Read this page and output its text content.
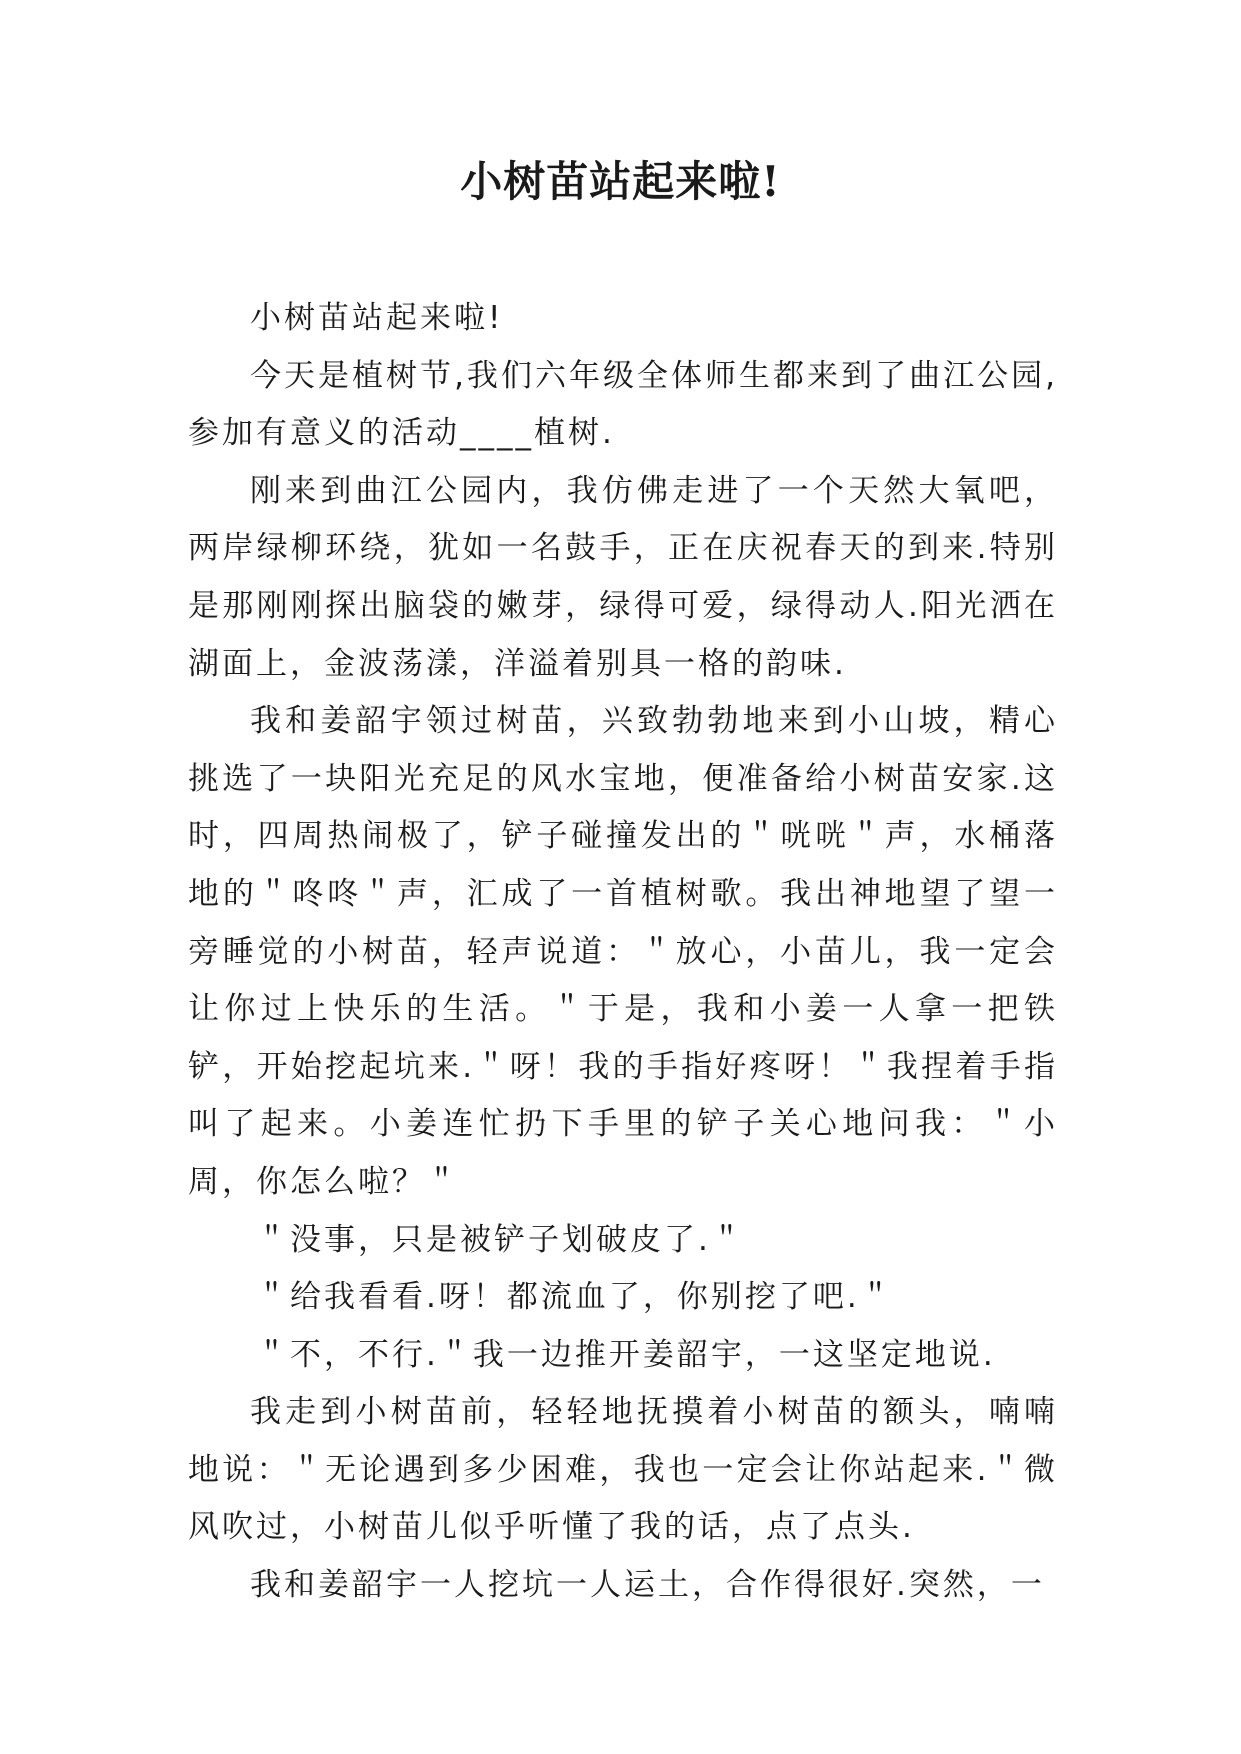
小树苗站起来啦!

小树苗站起来啦!

今天是植树节,我们六年级全体师生都来到了曲江公园,参加有意义的活动____植树.

刚来到曲江公园内，我仿佛走进了一个天然大氧吧，两岸绿柳环绕，犹如一名鼓手，正在庆祝春天的到来.特别是那刚刚探出脑袋的嫩芽，绿得可爱，绿得动人.阳光洒在湖面上，金波荡漾，洋溢着别具一格的韵味.

我和姜韶宇领过树苗，兴致勃勃地来到小山坡，精心挑选了一块阳光充足的风水宝地，便准备给小树苗安家.这时，四周热闹极了，铲子碰撞发出的＂咣咣＂声，水桶落地的＂咚咚＂声，汇成了一首植树歌。我出神地望了望一旁睡觉的小树苗，轻声说道：＂放心，小苗儿，我一定会让你过上快乐的生活。＂于是，我和小姜一人拿一把铁铲，开始挖起坑来.＂呀！我的手指好疼呀！＂我捏着手指叫了起来。小姜连忙扔下手里的铲子关心地问我：＂小周，你怎么啦？＂

＂没事，只是被铲子划破皮了.＂

＂给我看看.呀！都流血了，你别挖了吧.＂

＂不，不行.＂我一边推开姜韶宇，一这坚定地说.

我走到小树苗前，轻轻地抚摸着小树苗的额头，喃喃地说：＂无论遇到多少困难，我也一定会让你站起来.＂微风吹过，小树苗儿似乎听懂了我的话，点了点头.

我和姜韶宇一人挖坑一人运土，合作得很好.突然，一
